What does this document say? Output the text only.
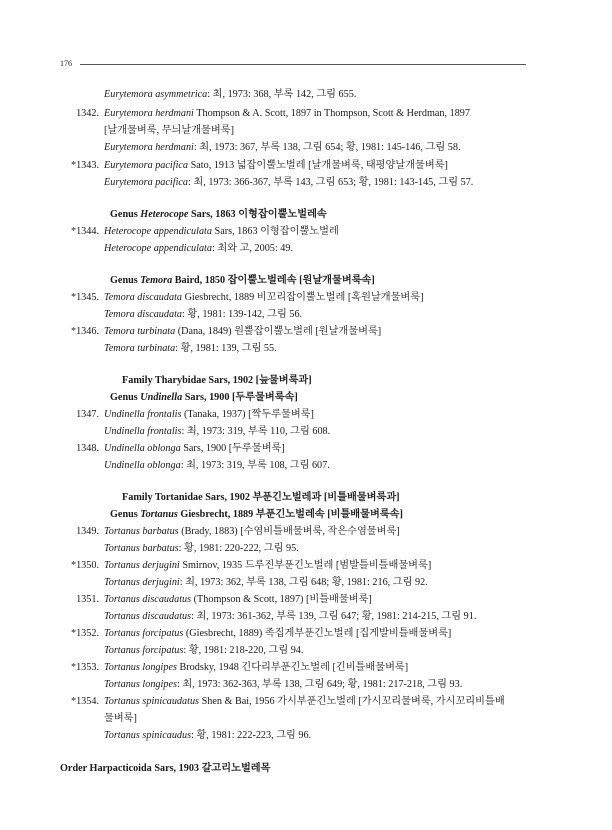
176
Eurytemora asymmetrica: 최, 1973: 368, 부록 142, 그림 655.
1342. Eurytemora herdmani Thompson & A. Scott, 1897 in Thompson, Scott & Herdman, 1897
[날개물벼룩, 무늬날개물벼룩]
Eurytemora herdmani: 최, 1973: 367, 부록 138, 그림 654; 황, 1981: 145-146, 그림 58.
*1343. Eurytemora pacifica Sato, 1913 넓잡이뿔노벌레 [날개물벼룩, 태평양날개물벼룩]
Eurytemora pacifica: 최, 1973: 366-367, 부록 143, 그림 653; 황, 1981: 143-145, 그림 57.
Genus Heterocope Sars, 1863 이형잡이뿔노벌레속
*1344. Heterocope appendiculata Sars, 1863 이형잡이뿔노벌레
Heterocope appendiculata: 최와 고, 2005: 49.
Genus Temora Baird, 1850 잡이뿔노벌레속 [원날개물벼룩속]
*1345. Temora discaudata Giesbrecht, 1889 비꼬리잡이뿔노벌레 [혹원날개물벼룩]
Temora discaudata: 황, 1981: 139-142, 그림 56.
*1346. Temora turbinata (Dana, 1849) 원뿔잡이뿔노벌레 [원날개물벼룩]
Temora turbinata: 황, 1981: 139, 그림 55.
Family Tharybidae Sars, 1902 [늪물벼룩과]
Genus Undinella Sars, 1900 [두루물벼룩속]
1347. Undinella frontalis (Tanaka, 1937) [짝두루물벼룩]
Undinella frontalis: 최, 1973: 319, 부록 110, 그림 608.
1348. Undinella oblonga Sars, 1900 [두루물벼룩]
Undinella oblonga: 최, 1973: 319, 부록 108, 그림 607.
Family Tortanidae Sars, 1902 부푼긴노벌레과 [비틀배물벼룩과]
Genus Tortanus Giesbrecht, 1889 부푼긴노벌레속 [비틀배물벼룩속]
1349. Tortanus barbatus (Brady, 1883) [수염비틀배물벼룩, 작은수염물벼룩]
Tortanus barbatus: 황, 1981: 220-222, 그림 95.
*1350. Tortanus derjugini Smirnov, 1935 드루진부푼긴노벌레 [범발틀비틀배물벼룩]
Tortanus derjugini: 최, 1973: 362, 부록 138, 그림 648; 황, 1981: 216, 그림 92.
1351. Tortanus discaudatus (Thompson & Scott, 1897) [비틀배물벼룩]
Tortanus discaudatus: 최, 1973: 361-362, 부록 139, 그림 647; 황, 1981: 214-215, 그림 91.
*1352. Tortanus forcipatus (Giesbrecht, 1889) 족집게부푼긴노벌레 [집게발비틀배물벼룩]
Tortanus forcipatus: 황, 1981: 218-220, 그림 94.
*1353. Tortanus longipes Brodsky, 1948 긴다리부푼긴노벌레 [긴비틀배물벼룩]
Tortanus longipes: 최, 1973: 362-363, 부록 138, 그림 649; 황, 1981: 217-218, 그림 93.
*1354. Tortanus spinicaudatus Shen & Bai, 1956 가시부푼긴노벌레 [가시꼬리물벼룩, 가시꼬리비틀배
물벼룩]
Tortanus spinicaudus: 황, 1981: 222-223, 그림 96.
Order Harpacticoida Sars, 1903 갈고리노벌레목
